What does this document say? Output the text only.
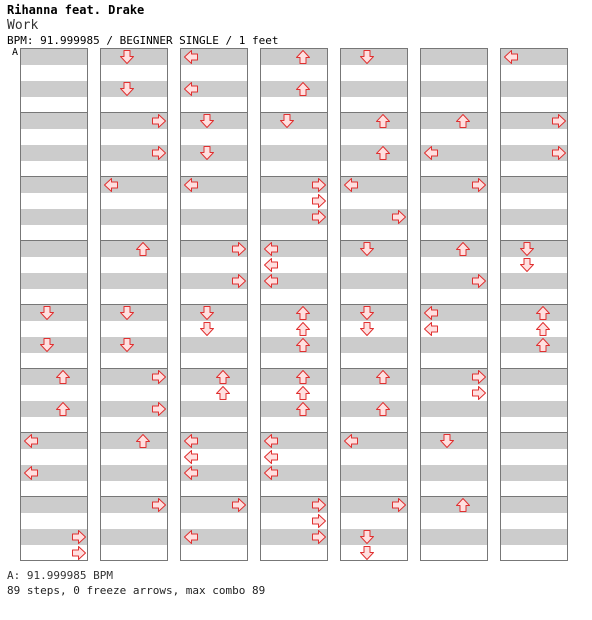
Rihanna feat. Drake
Work
BPM: 91.999985 / BEGINNER SINGLE / 1 feet
A
A: 91.999985 BPM
89 steps, 0 freeze arrows, max combo 89
